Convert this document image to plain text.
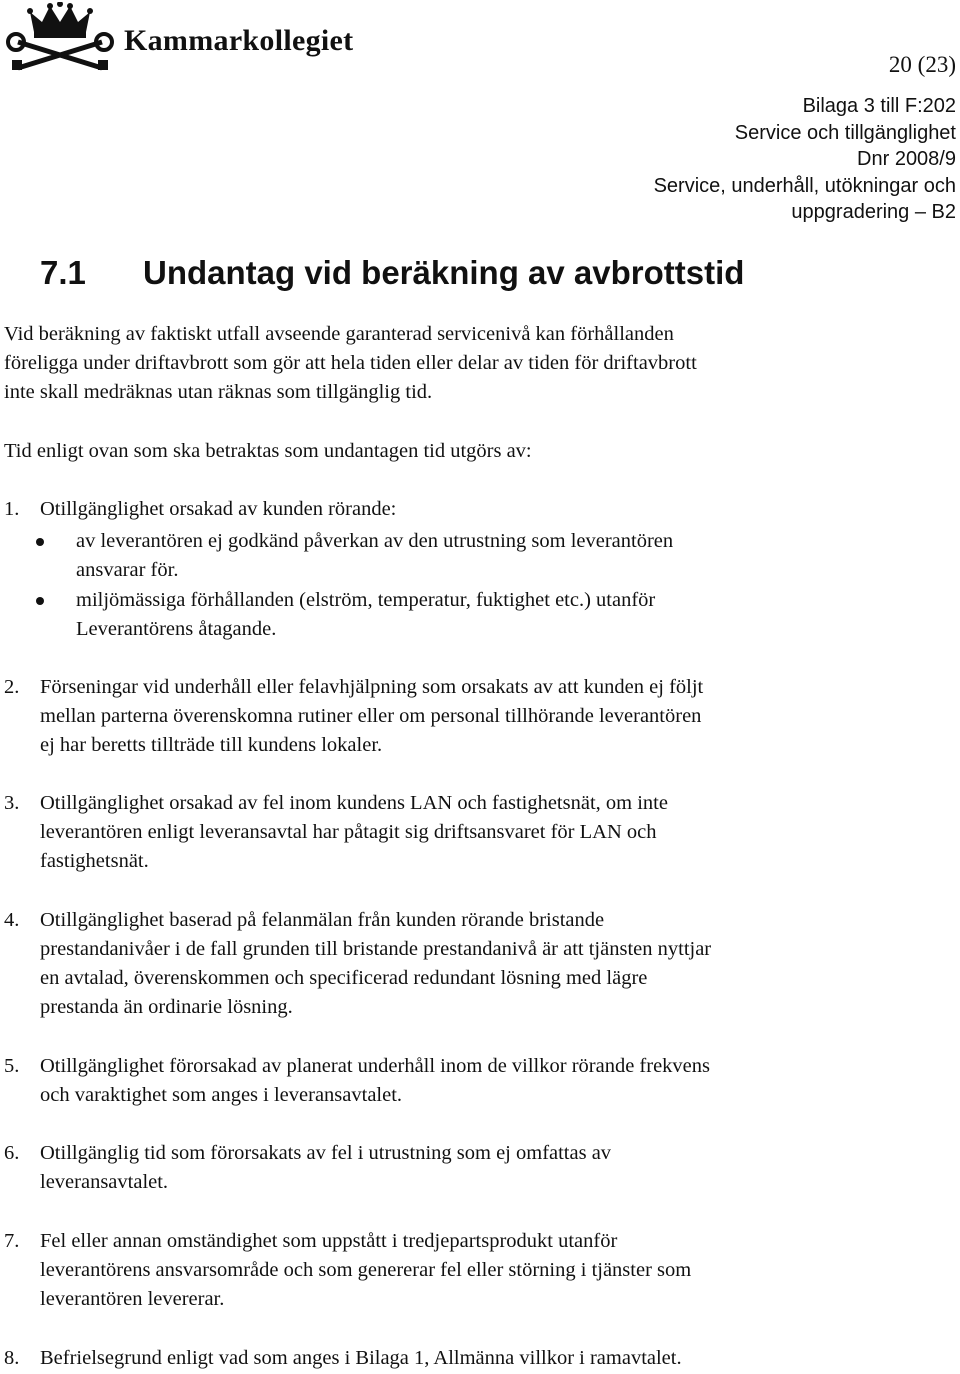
Kammarkollegiet
20 (23)
Bilaga 3 till F:202
Service och tillgänglighet
Dnr 2008/9
Service, underhåll, utökningar och
uppgradering – B2
7.1 Undantag vid beräkning av avbrottstid

Vid beräkning av faktiskt utfall avseende garanterad servicenivå kan förhållanden

föreligga under driftavbrott som gör att hela tiden eller delar av tiden för driftavbrott

inte skall medräknas utan räknas som tillgänglig tid.

Tid enligt ovan som ska betraktas som undantagen tid utgörs av:

1. Otillgänglighet orsakad av kunden rörande:
av leverantören ej godkänd påverkan av den utrustning som leverantören
ansvarar för.
miljömässiga förhållanden (elström, temperatur, fuktighet etc.) utanför
Leverantörens åtagande.
2. Förseningar vid underhåll eller felavhjälpning som orsakats av att kunden ej följt
mellan parterna överenskomna rutiner eller om personal tillhörande leverantören
ej har beretts tillträde till kundens lokaler.
3. Otillgänglighet orsakad av fel inom kundens LAN och fastighetsnät, om inte
leverantören enligt leveransavtal har påtagit sig driftsansvaret för LAN och
fastighetsnät.
4. Otillgänglighet baserad på felanmälan från kunden rörande bristande
prestandanivåer i de fall grunden till bristande prestandanivå är att tjänsten nyttjar
en avtalad, överenskommen och specificerad redundant lösning med lägre
prestanda än ordinarie lösning.
5. Otillgänglighet förorsakad av planerat underhåll inom de villkor rörande frekvens
och varaktighet som anges i leveransavtalet.
6. Otillgänglig tid som förorsakats av fel i utrustning som ej omfattas av
leveransavtalet.
7. Fel eller annan omständighet som uppstått i tredjepartsprodukt utanför
leverantörens ansvarsområde och som genererar fel eller störning i tjänster som
leverantören levererar.
8. Befrielsegrund enligt vad som anges i Bilaga 1, Allmänna villkor i ramavtalet.
